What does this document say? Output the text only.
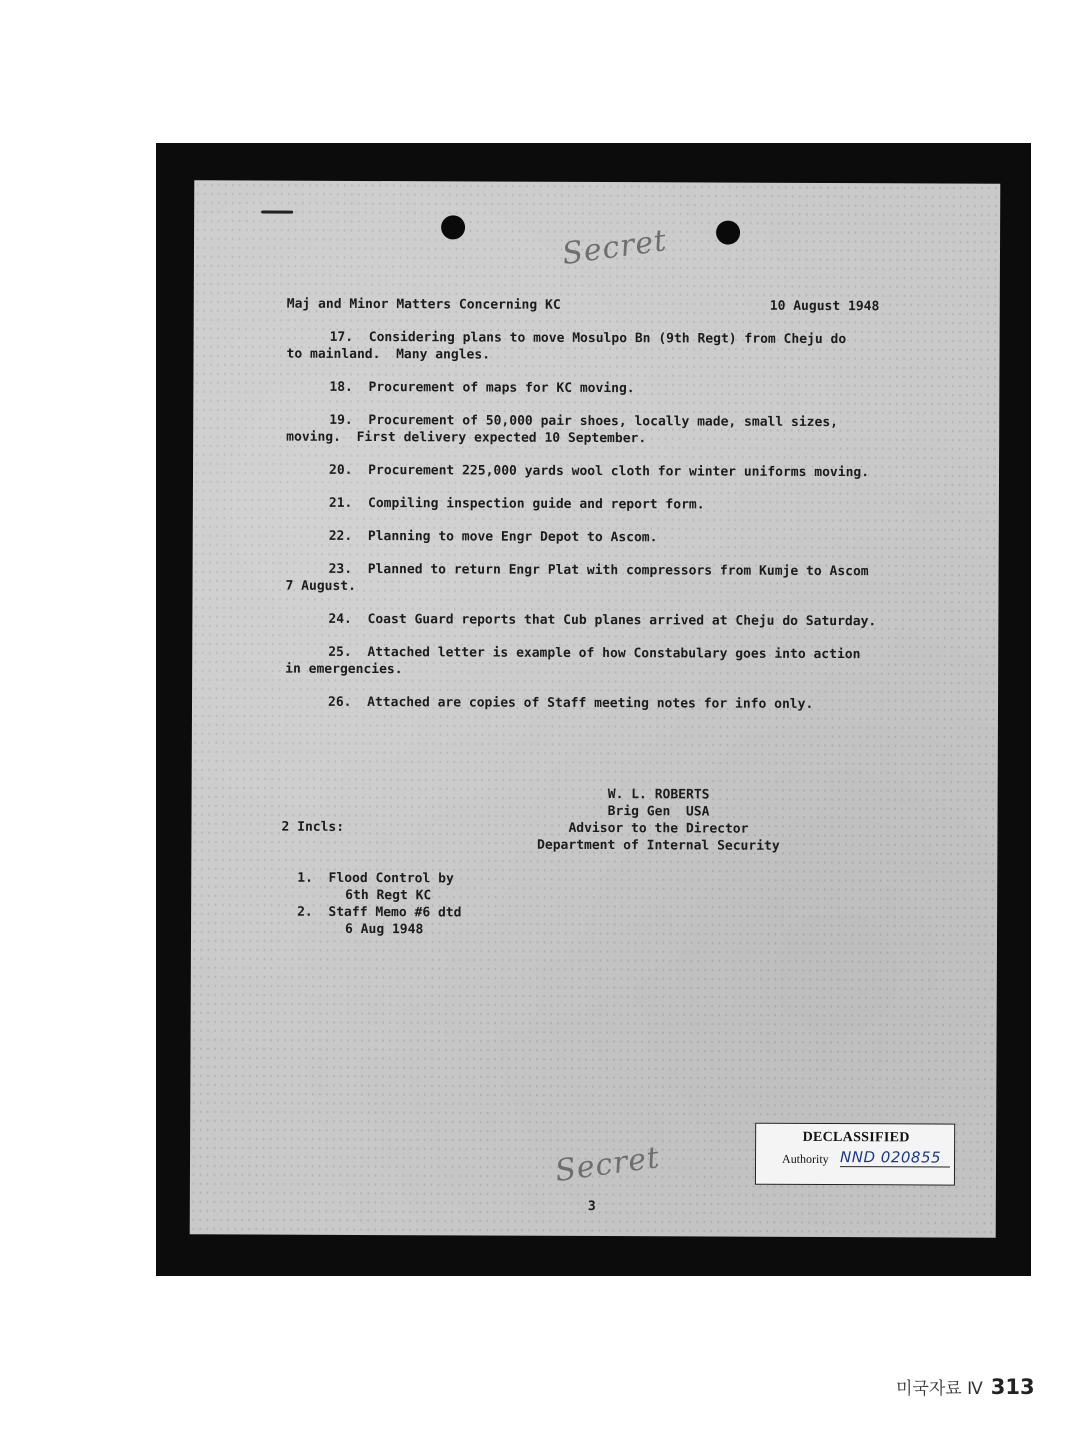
Secret
Maj and Minor Matters Concerning KC	10 August 1948
17. Considering plans to move Mosulpo Bn (9th Regt) from Cheju do
to mainland.  Many angles.
18. Procurement of maps for KC moving.
19. Procurement of 50,000 pair shoes, locally made, small sizes,
moving.  First delivery expected 10 September.
20. Procurement 225,000 yards wool cloth for winter uniforms moving.
21. Compiling inspection guide and report form.
22. Planning to move Engr Depot to Ascom.
23. Planned to return Engr Plat with compressors from Kumje to Ascom
7 August.
24. Coast Guard reports that Cub planes arrived at Cheju do Saturday.
25. Attached letter is example of how Constabulary goes into action
in emergencies.
26. Attached are copies of Staff meeting notes for info only.

2 Incls:

1.  Flood Control by
6th Regt KC
2.  Staff Memo #6 dtd
6 Aug 1948
W. L. ROBERTS
Brig Gen  USA
Advisor to the Director
Department of Internal Security
3
Secret
DECLASSIFIED
Authority NND 020855
미국자료 Ⅳ 313
